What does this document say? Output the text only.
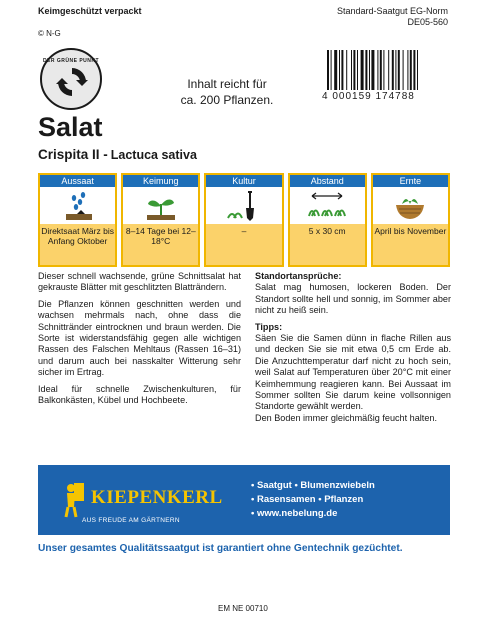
Keimgeschützt verpackt	Standard-Saatgut EG-Norm
DE05-560
© N-G
DER GRÜNE PUNKT
Inhalt reicht für
ca. 200 Pflanzen.	4 000159 174788
Salat
Crispita II - Lactuca sativa
Aussaat
Direktsaat März bis Anfang Oktober
Keimung
8–14 Tage bei 12–18°C
Kultur
–
Abstand
5 x 30 cm
Ernte
April bis November

Dieser schnell wachsende, grüne Schnittsalat hat gekrauste Blätter mit geschlitzten Blatträndern.

Die Pflanzen können geschnitten werden und wachsen mehrmals nach, ohne dass die Schnittränder eintrocknen und braun werden. Die Sorte ist widerstandsfähig gegen alle wichtigen Rassen des Falschen Mehltaus (Rassen 16–31) und darum auch bei nasskalter Witterung sehr sicher im Ertrag.

Ideal für schnelle Zwischenkulturen, für Balkonkästen, Kübel und Hochbeete.

Standortansprüche:

Salat mag humosen, lockeren Boden. Der Standort sollte hell und sonnig, im Sommer aber nicht zu heiß sein.

Tipps:

Säen Sie die Samen dünn in flache Rillen aus und decken Sie sie mit etwa 0,5 cm Erde ab. Die Anzuchttemperatur darf nicht zu hoch sein, weil Salat auf Temperaturen über 20°C mit einer Keimhemmung reagieren kann. Bei Aussaat im Sommer sollten Sie darum keine vollsonnigen Standorte gewählt werden.

Den Boden immer gleichmäßig feucht halten.

KIEPENKERL
AUS FREUDE AM GÄRTNERN
• Saatgut • Blumenzwiebeln
• Rasensamen • Pflanzen
• www.nebelung.de
Unser gesamtes Qualitätssaatgut ist garantiert ohne Gentechnik gezüchtet.
EM NE 00710
